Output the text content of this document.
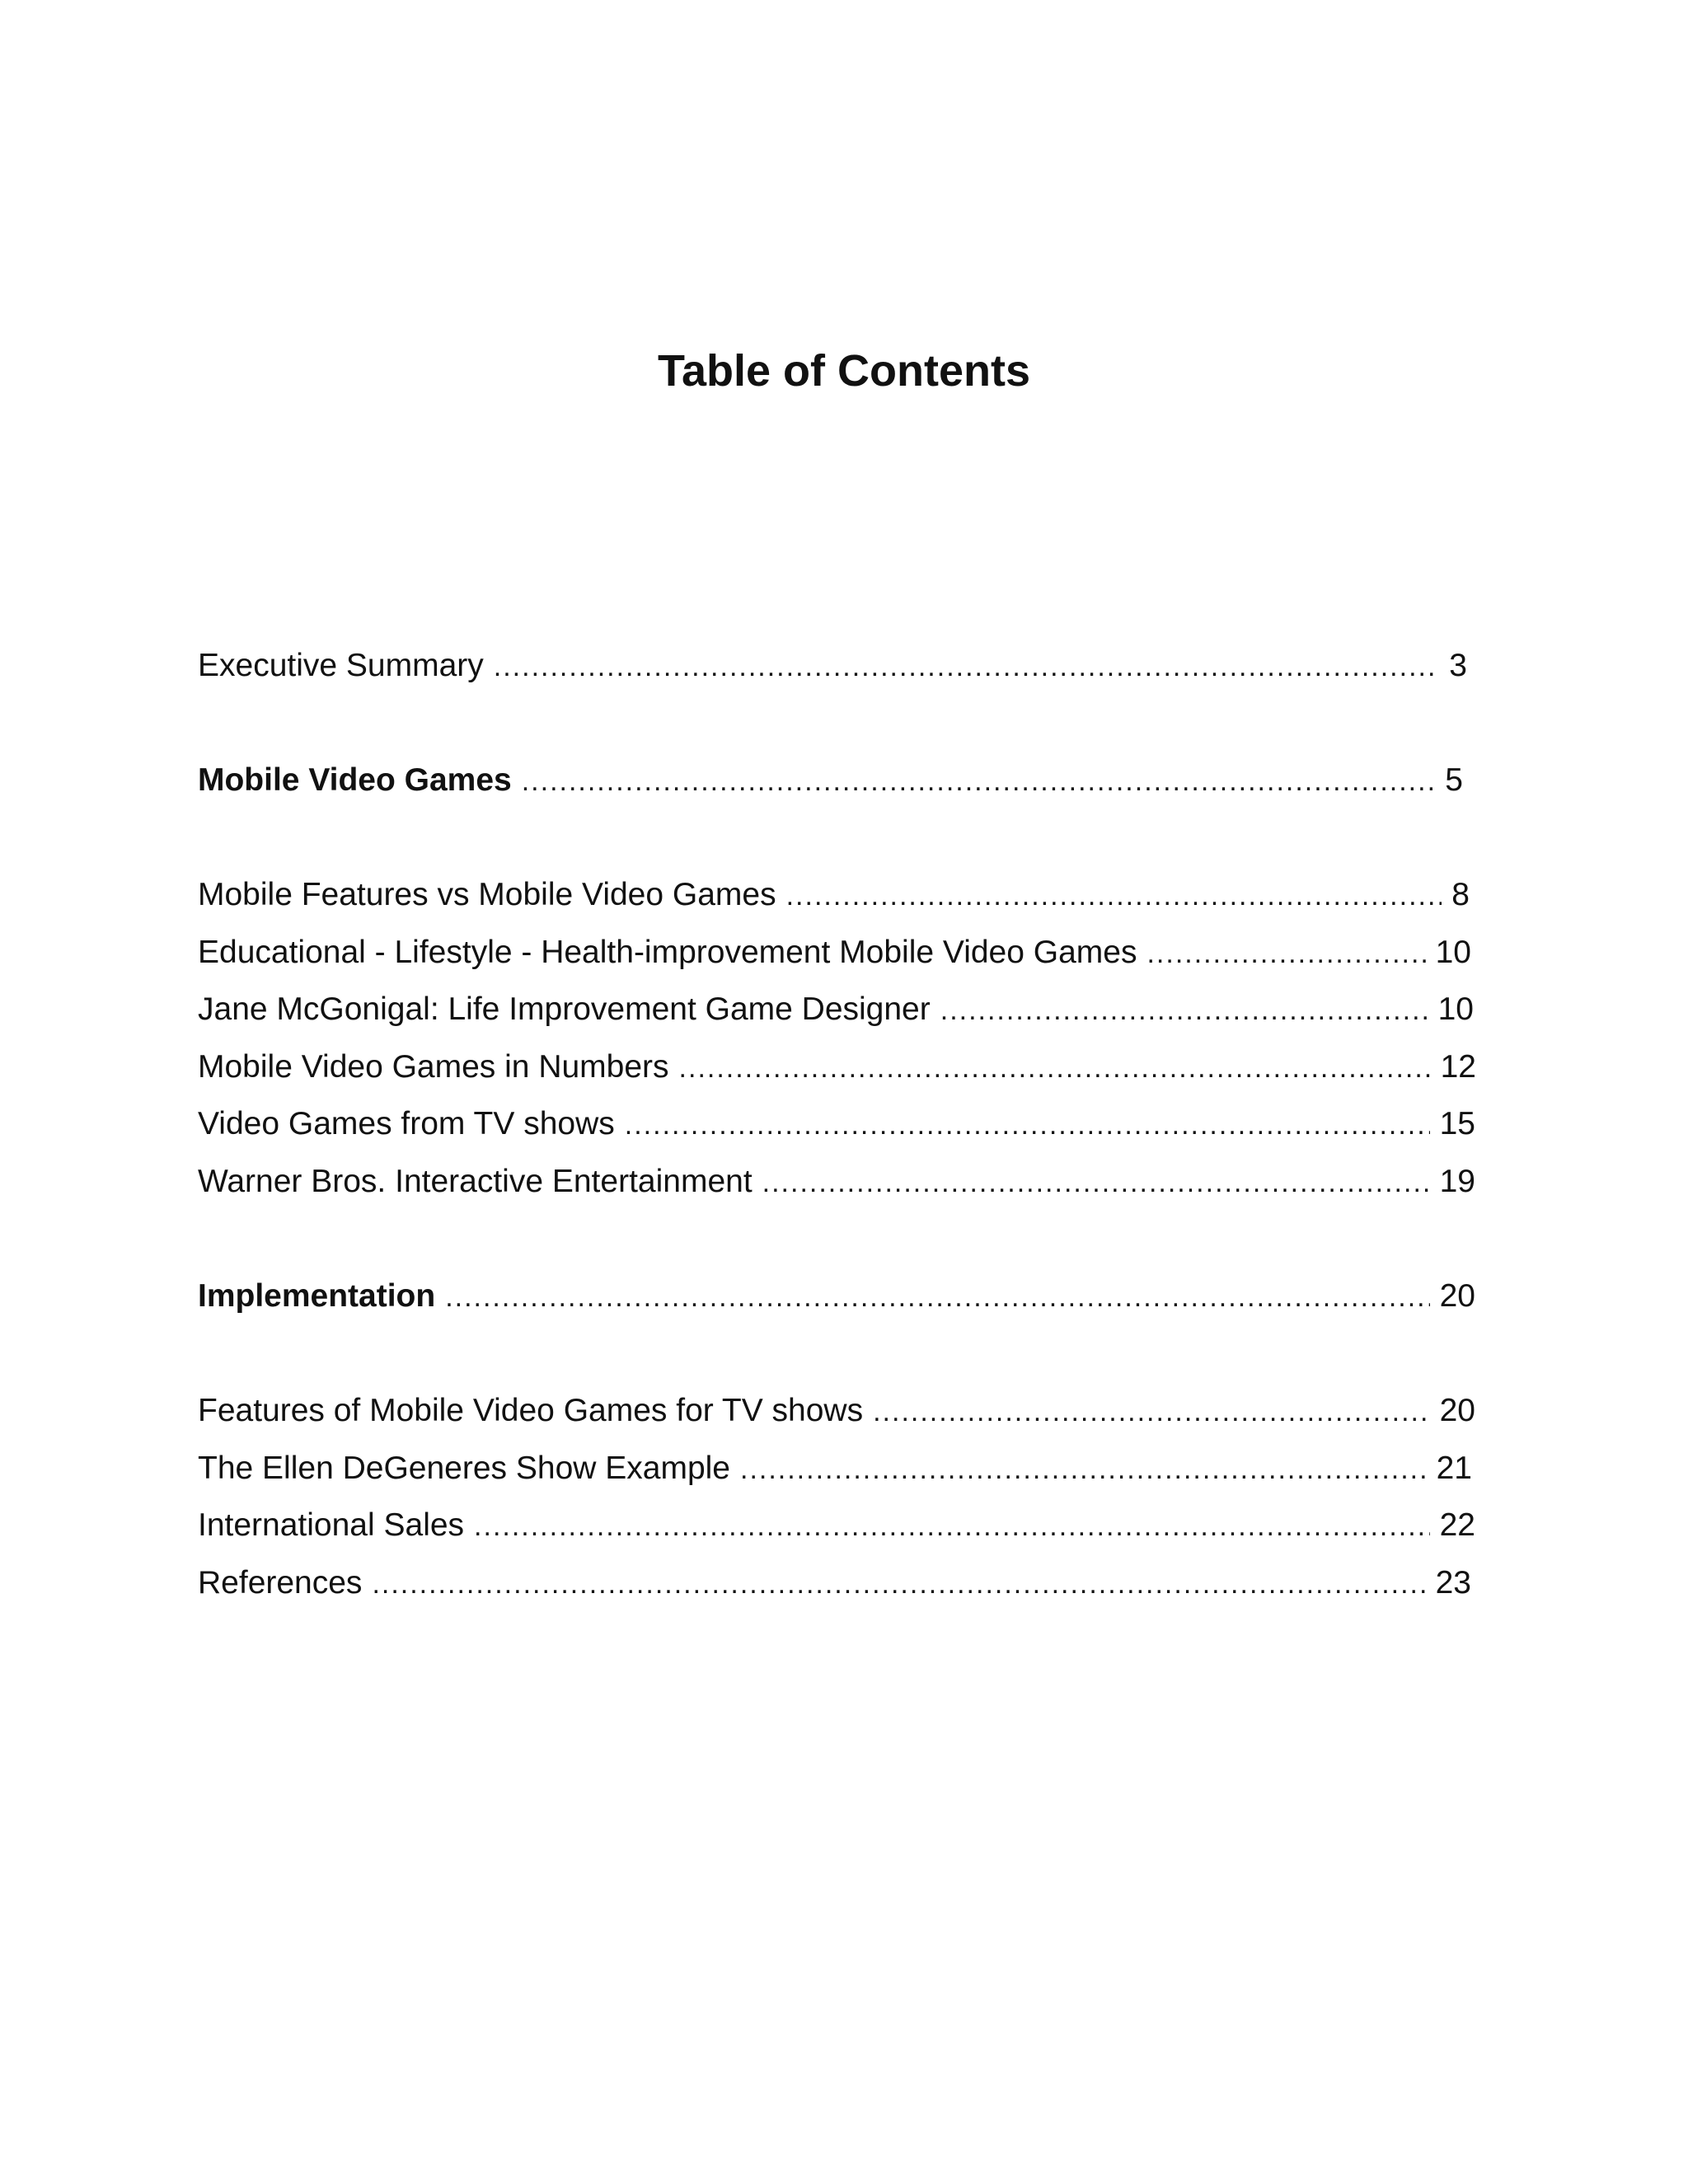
Table of Contents
Executive Summary .....	3
Mobile Video Games .....	5
Mobile Features vs Mobile Video Games .....	8
Educational - Lifestyle - Health-improvement Mobile Video Games .....	10
Jane McGonigal: Life Improvement Game Designer .....	10
Mobile Video Games in Numbers .....	12
Video Games from TV shows .....	15
Warner Bros. Interactive Entertainment .....	19
Implementation .....	20
Features of Mobile Video Games for TV shows .....	20
The Ellen DeGeneres Show Example .....	21
International Sales .....	22
References .....	23
